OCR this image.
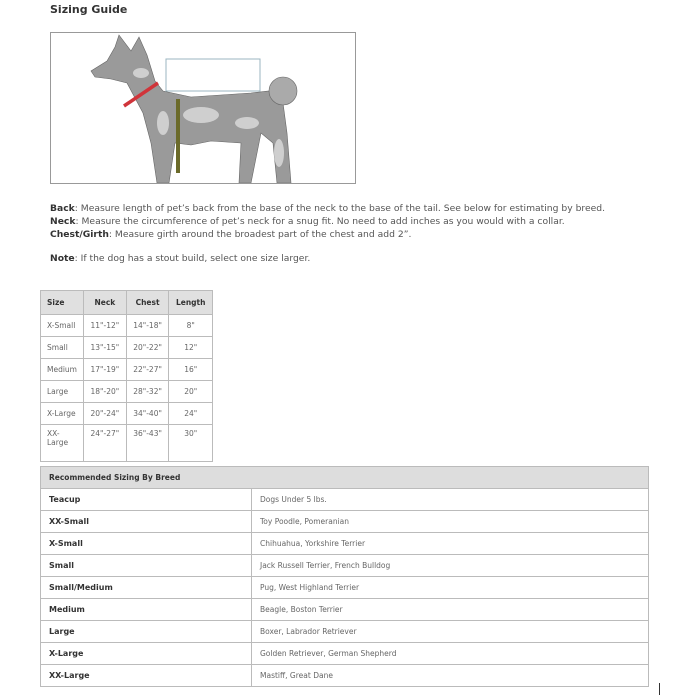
Sizing Guide
Back: Measure length of pet’s back from the base of the neck to the base of the tail. See below for estimating by breed.
Neck: Measure the circumference of pet’s neck for a snug fit. No need to add inches as you would with a collar.
Chest/Girth: Measure girth around the broadest part of the chest and add 2”.
Note: If the dog has a stout build, select one size larger.
Size	Neck	Chest	Length
X-Small	11"-12"	14"-18"	8"
Small	13"-15"	20"-22"	12"
Medium	17"-19"	22"-27"	16"
Large	18"-20"	28"-32"	20"
X-Large	20"-24"	34"-40"	24"
XX-Large	24"-27"	36"-43"	30"
Recommended Sizing By Breed	
Teacup	Dogs Under 5 lbs.
XX-Small	Toy Poodle, Pomeranian
X-Small	Chihuahua, Yorkshire Terrier
Small	Jack Russell Terrier, French Bulldog
Small/Medium	Pug, West Highland Terrier
Medium	Beagle, Boston Terrier
Large	Boxer, Labrador Retriever
X-Large	Golden Retriever, German Shepherd
XX-Large	Mastiff, Great Dane
